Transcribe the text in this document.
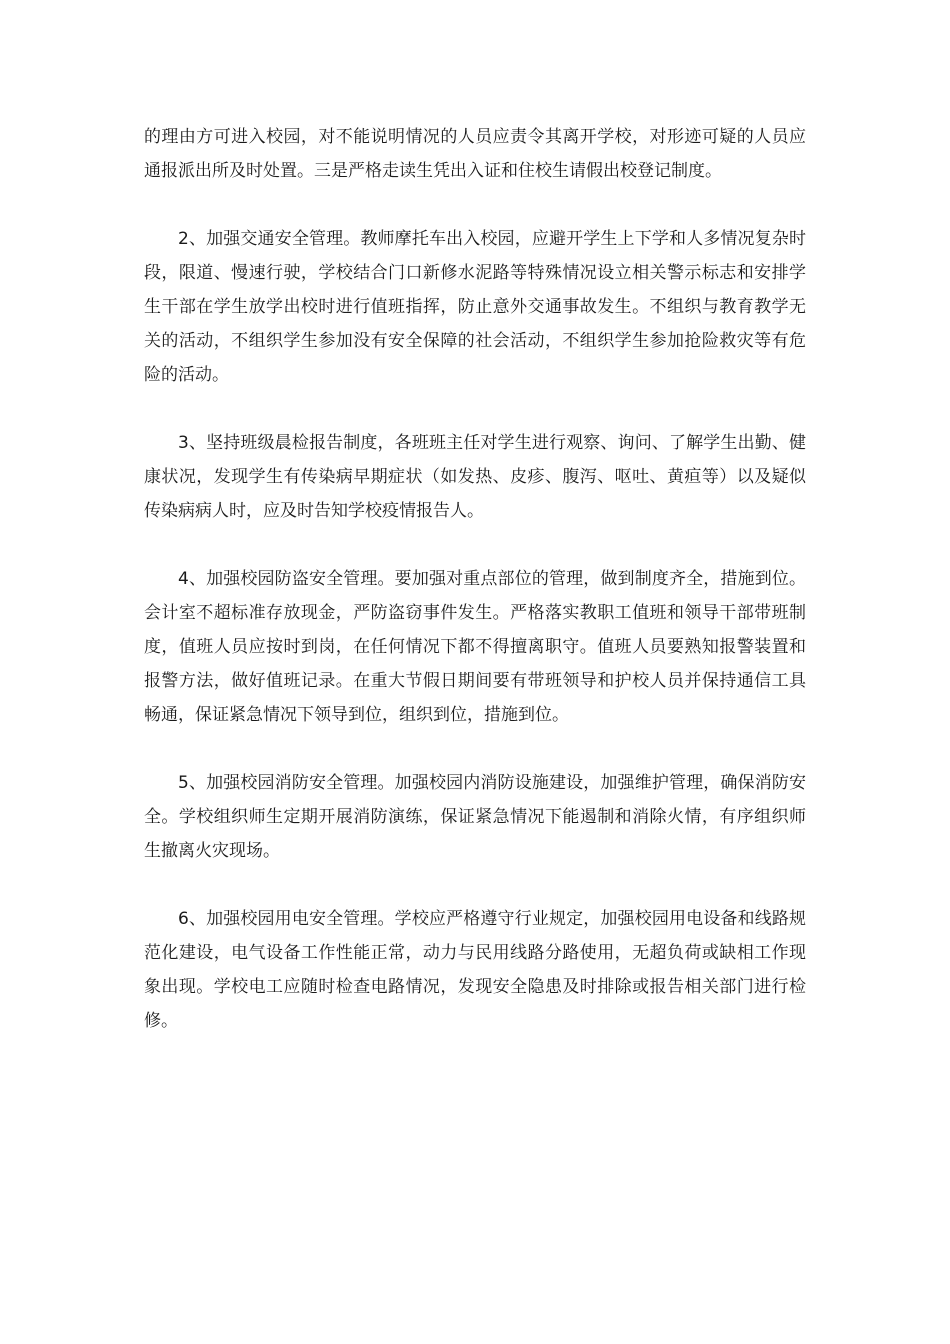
的理由方可进入校园，对不能说明情况的人员应责令其离开学校，对形迹可疑的人员应通报派出所及时处置。三是严格走读生凭出入证和住校生请假出校登记制度。

2、加强交通安全管理。教师摩托车出入校园，应避开学生上下学和人多情况复杂时段，限道、慢速行驶，学校结合门口新修水泥路等特殊情况设立相关警示标志和安排学生干部在学生放学出校时进行值班指挥，防止意外交通事故发生。不组织与教育教学无关的活动，不组织学生参加没有安全保障的社会活动，不组织学生参加抢险救灾等有危险的活动。

3、坚持班级晨检报告制度，各班班主任对学生进行观察、询问、了解学生出勤、健康状况，发现学生有传染病早期症状（如发热、皮疹、腹泻、呕吐、黄疸等）以及疑似传染病病人时，应及时告知学校疫情报告人。

4、加强校园防盗安全管理。要加强对重点部位的管理，做到制度齐全，措施到位。会计室不超标准存放现金，严防盗窃事件发生。严格落实教职工值班和领导干部带班制度，值班人员应按时到岗，在任何情况下都不得擅离职守。值班人员要熟知报警装置和报警方法，做好值班记录。在重大节假日期间要有带班领导和护校人员并保持通信工具畅通，保证紧急情况下领导到位，组织到位，措施到位。

5、加强校园消防安全管理。加强校园内消防设施建设，加强维护管理，确保消防安全。学校组织师生定期开展消防演练，保证紧急情况下能遏制和消除火情，有序组织师生撤离火灾现场。

6、加强校园用电安全管理。学校应严格遵守行业规定，加强校园用电设备和线路规范化建设，电气设备工作性能正常，动力与民用线路分路使用，无超负荷或缺相工作现象出现。学校电工应随时检查电路情况，发现安全隐患及时排除或报告相关部门进行检修。
